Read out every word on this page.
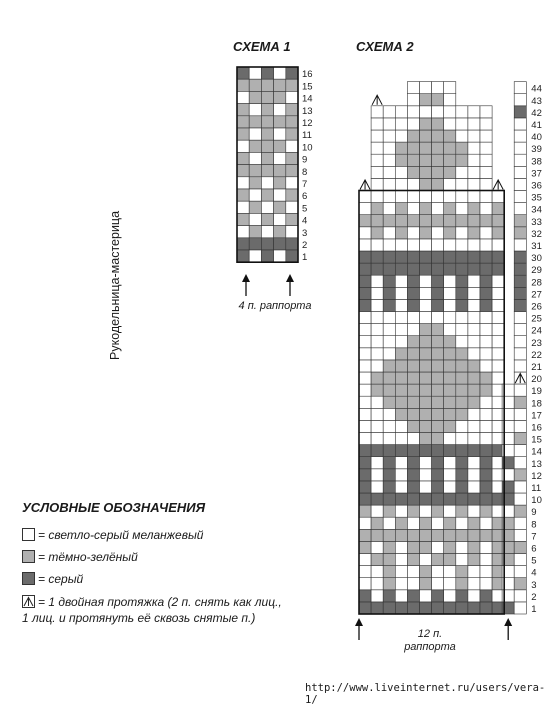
СХЕМА 1	СХЕМА 2
1
2
3
4
5
6
7
8
9
10
11
12
13
14
15
16
1
2
3
4
5
6
7
8
9
10
11
12
13
14
15
16
17
18
19
20
21
22
23
24
25
26
27
28
29
30
31
32
33
34
35
36
37
38
39
40
41
42
43
44
4 п. раппорта
12 п.
раппорта
Рукодельница-мастерица
УСЛОВНЫЕ ОБОЗНАЧЕНИЯ
= светло-серый меланжевый
= тёмно-зелёный
= серый
= 1 двойная протяжка (2 п. снять как лиц.,
1 лиц. и протянуть её сквозь снятые п.)
http://www.liveinternet.ru/users/vera-1/
